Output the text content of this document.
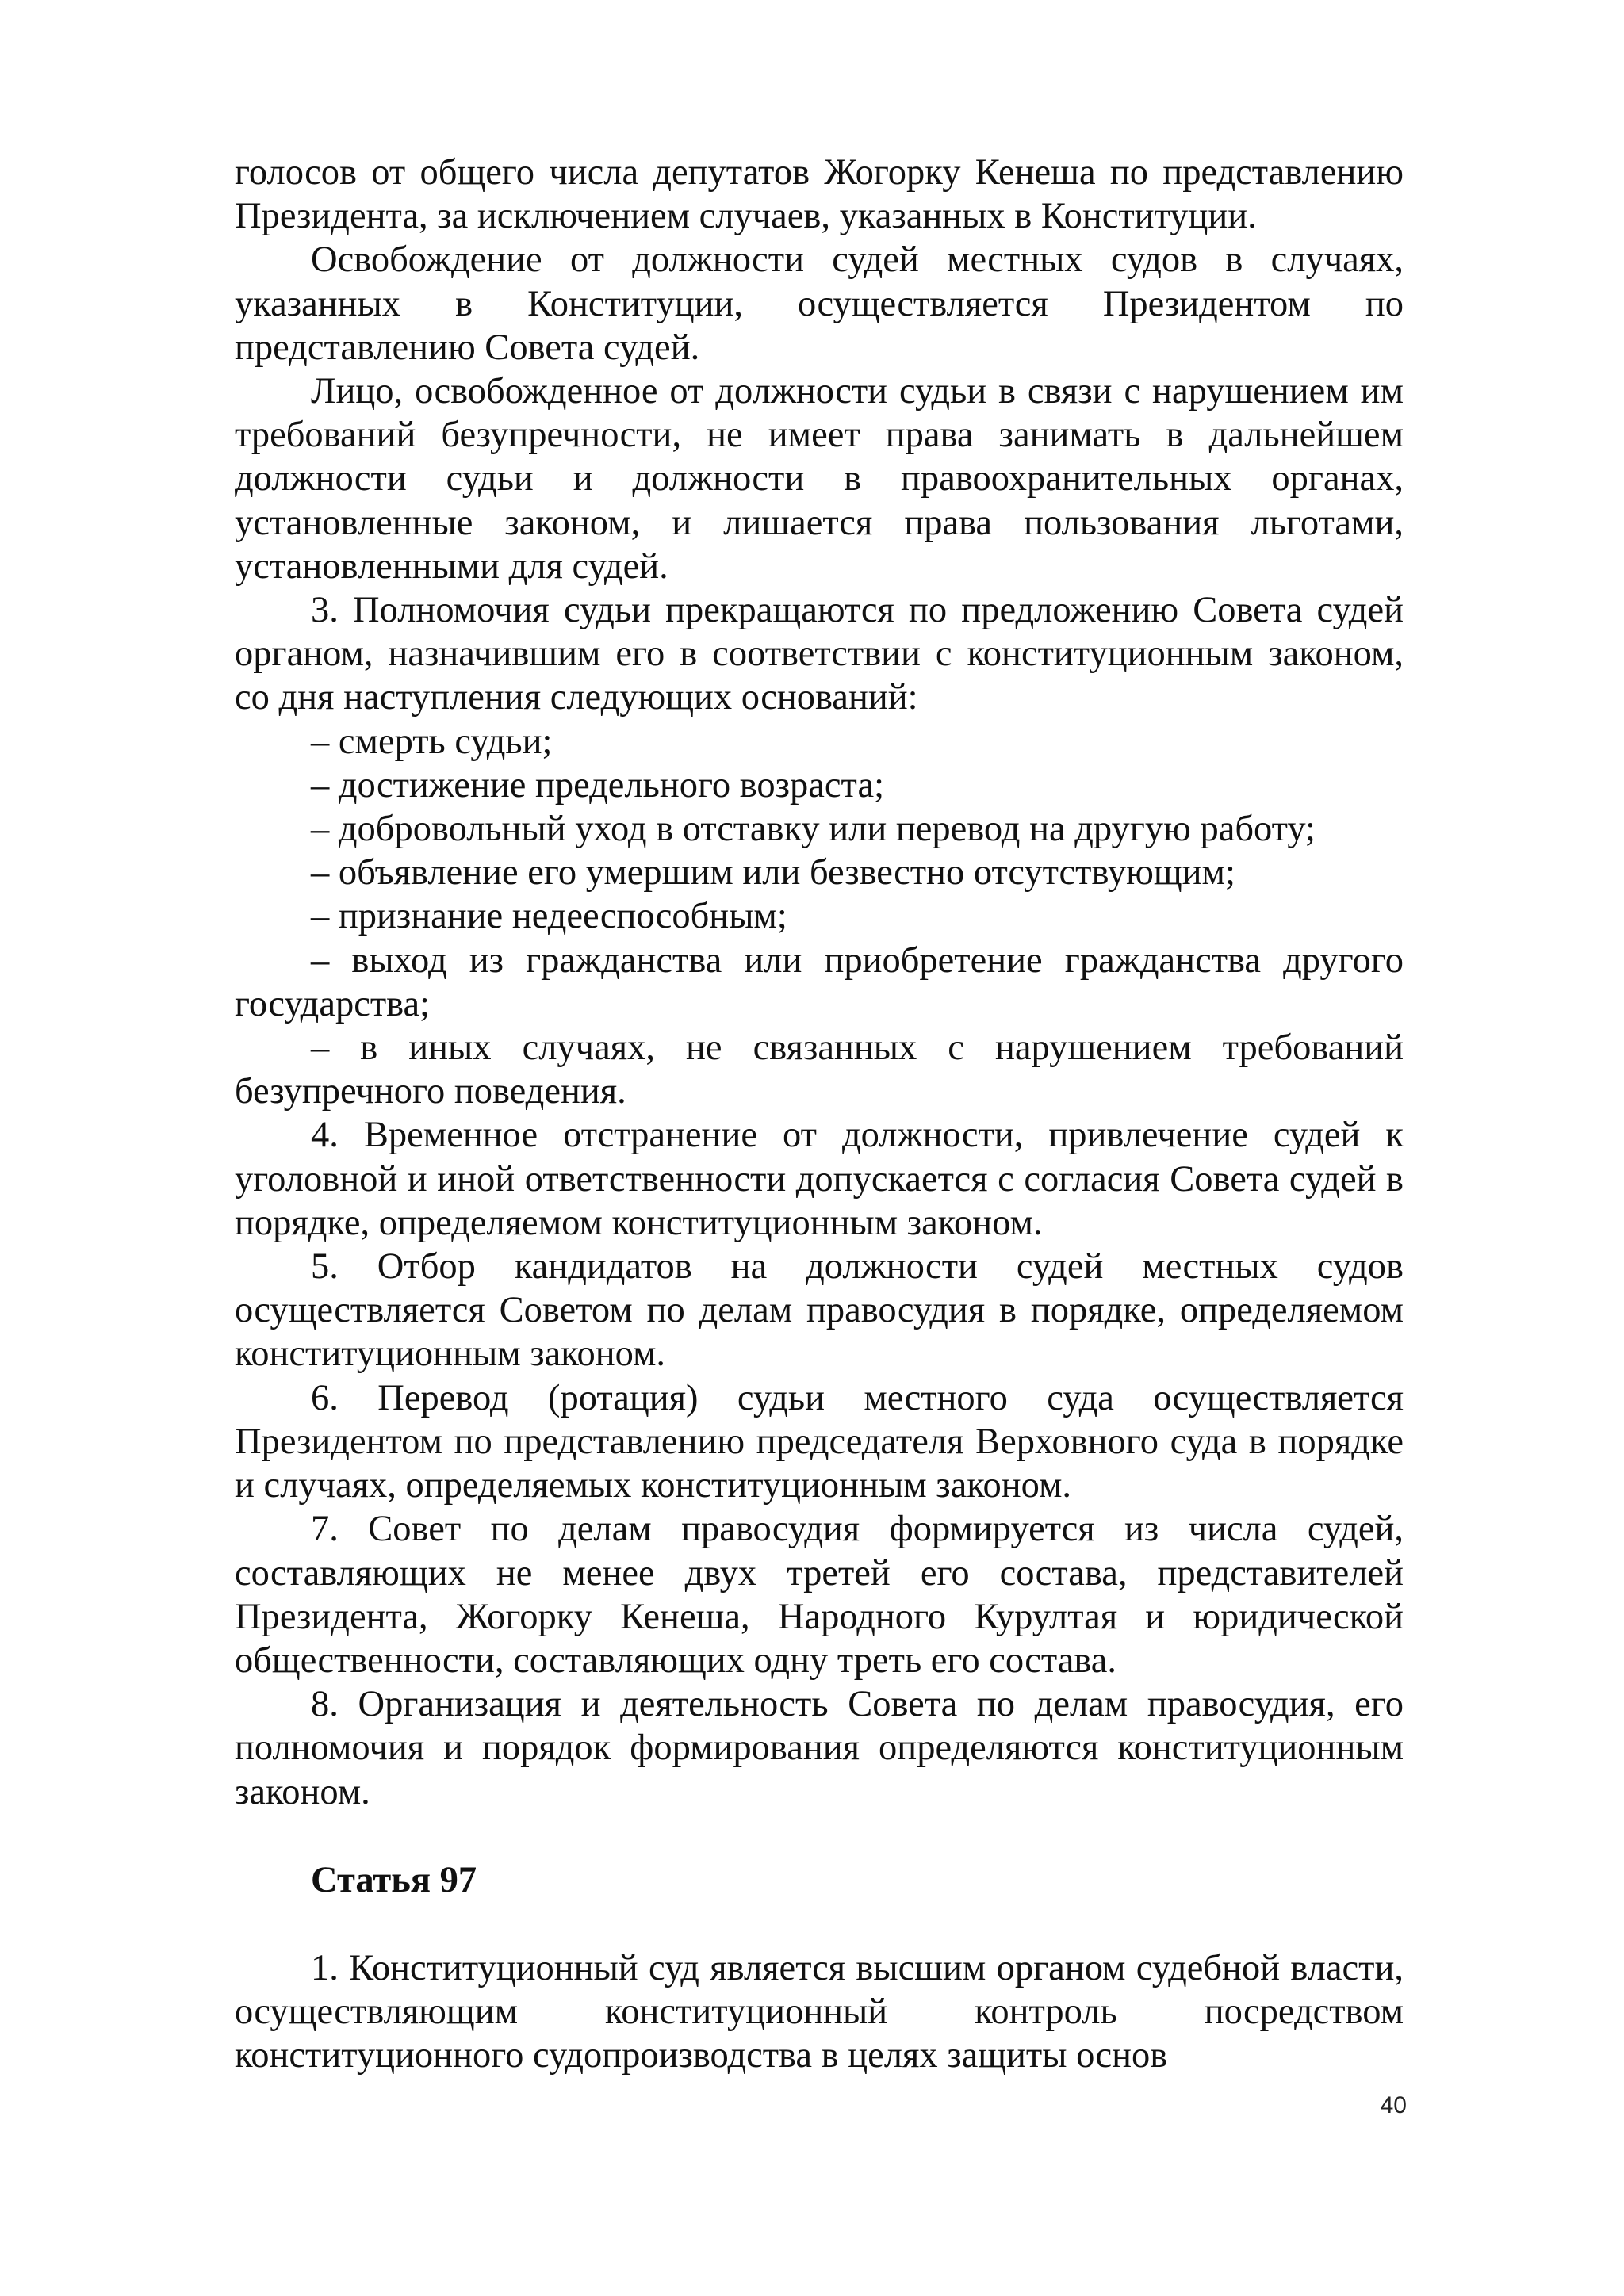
голосов от общего числа депутатов Жогорку Кенеша по представлению Президента, за исключением случаев, указанных в Конституции.

Освобождение от должности судей местных судов в случаях, указанных в Конституции, осуществляется Президентом по представлению Совета судей.

Лицо, освобожденное от должности судьи в связи с нарушением им требований безупречности, не имеет права занимать в дальнейшем должности судьи и должности в правоохранительных органах, установленные законом, и лишается права пользования льготами, установленными для судей.

3. Полномочия судьи прекращаются по предложению Совета судей органом, назначившим его в соответствии с конституционным законом, со дня наступления следующих оснований:

– смерть судьи;

– достижение предельного возраста;

– добровольный уход в отставку или перевод на другую работу;

– объявление его умершим или безвестно отсутствующим;

– признание недееспособным;

– выход из гражданства или приобретение гражданства другого государства;

– в иных случаях, не связанных с нарушением требований безупречного поведения.

4. Временное отстранение от должности, привлечение судей к уголовной и иной ответственности допускается с согласия Совета судей в порядке, определяемом конституционным законом.

5. Отбор кандидатов на должности судей местных судов осуществляется Советом по делам правосудия в порядке, определяемом конституционным законом.

6. Перевод (ротация) судьи местного суда осуществляется Президентом по представлению председателя Верховного суда в порядке и случаях, определяемых конституционным законом.

7. Совет по делам правосудия формируется из числа судей, составляющих не менее двух третей его состава, представителей Президента, Жогорку Кенеша, Народного Курултая и юридической общественности, составляющих одну треть его состава.

8. Организация и деятельность Совета по делам правосудия, его полномочия и порядок формирования определяются конституционным законом.

Статья 97

1. Конституционный суд является высшим органом судебной власти, осуществляющим конституционный контроль посредством конституционного судопроизводства в целях защиты основ

40
